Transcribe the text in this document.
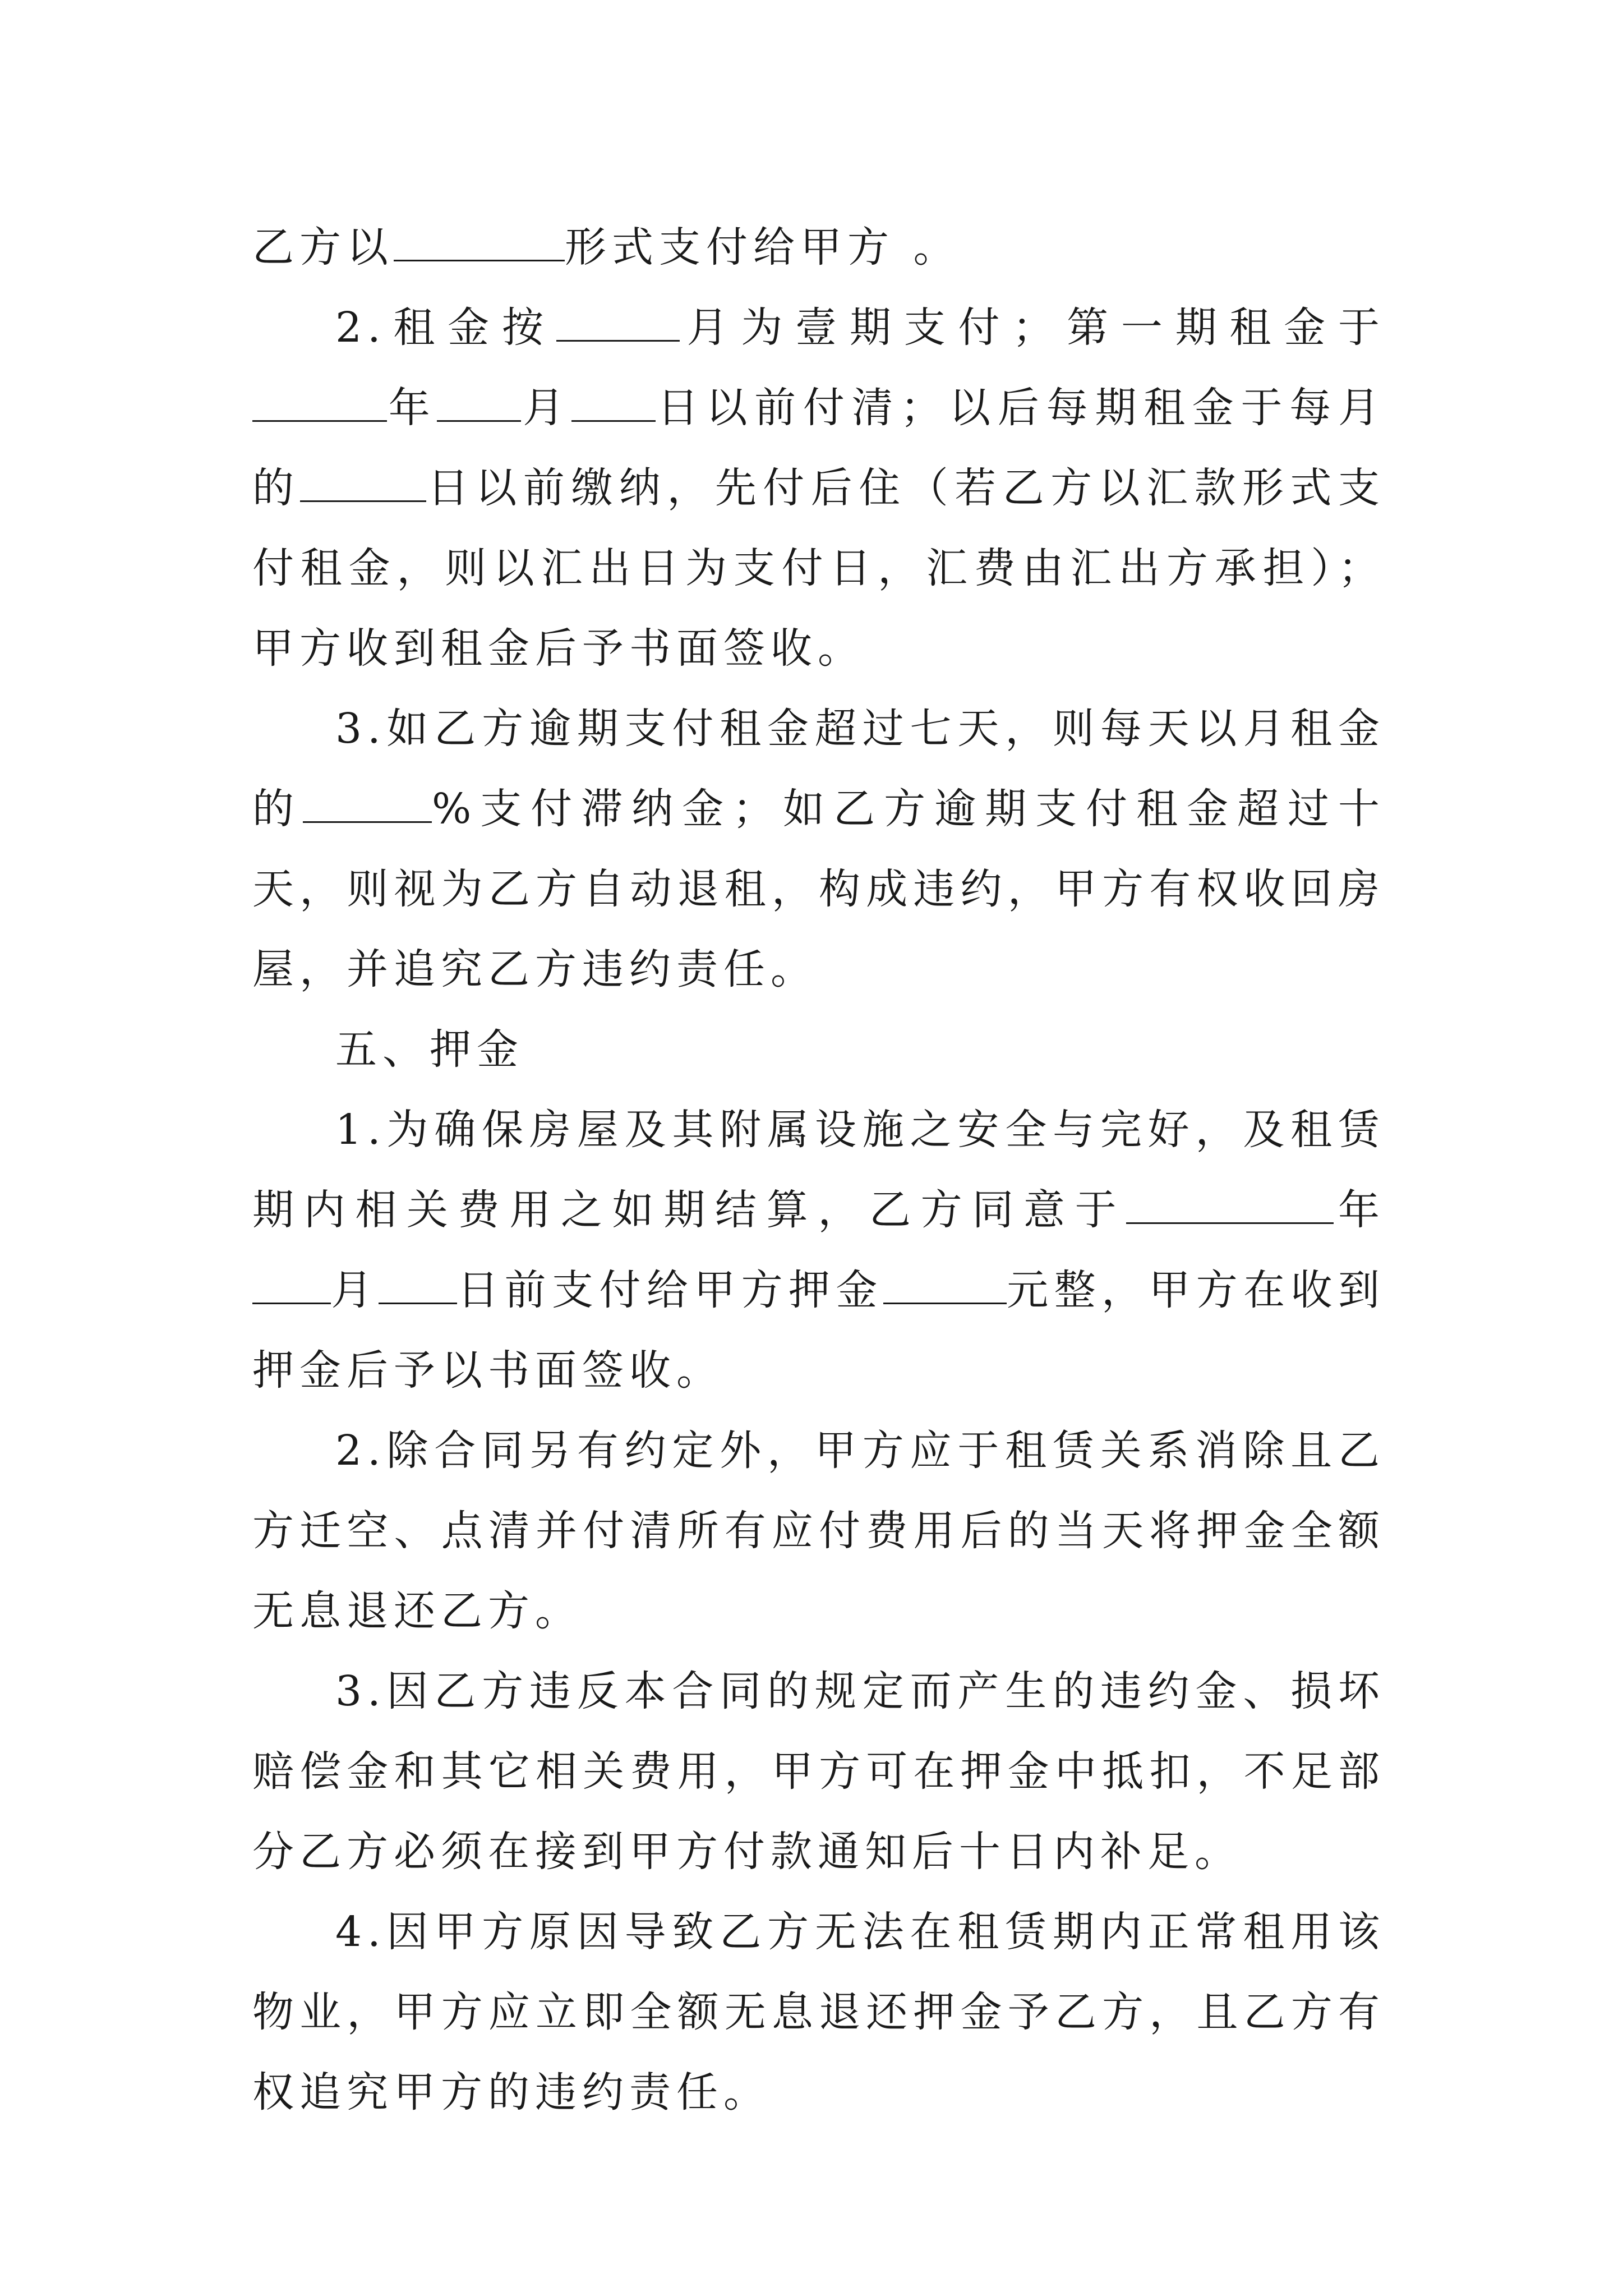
乙方以	形式支付给甲方 。

2.租金按	月为壹期支付；第一期租金于年 月 日以前付清；以后每期租金于每月的	日以前缴纳，先付后住（若乙方以汇款形式支付租金，则以汇出日为支付日，汇费由汇出方承担）；甲方收到租金后予书面签收。

3.如乙方逾期支付租金超过七天，则每天以月租金的	%支付滞纳金；如乙方逾期支付租金超过十天，则视为乙方自动退租，构成违约，甲方有权收回房屋，并追究乙方违约责任。

五、押金

1.为确保房屋及其附属设施之安全与完好，及租赁期内相关费用之如期结算，乙方同意于	年月 日前支付给甲方押金	元整，甲方在收到押金后予以书面签收。

2.除合同另有约定外，甲方应于租赁关系消除且乙方迁空、点清并付清所有应付费用后的当天将押金全额无息退还乙方。

3.因乙方违反本合同的规定而产生的违约金、损坏赔偿金和其它相关费用，甲方可在押金中抵扣，不足部分乙方必须在接到甲方付款通知后十日内补足。

4.因甲方原因导致乙方无法在租赁期内正常租用该物业，甲方应立即全额无息退还押金予乙方，且乙方有权追究甲方的违约责任。
